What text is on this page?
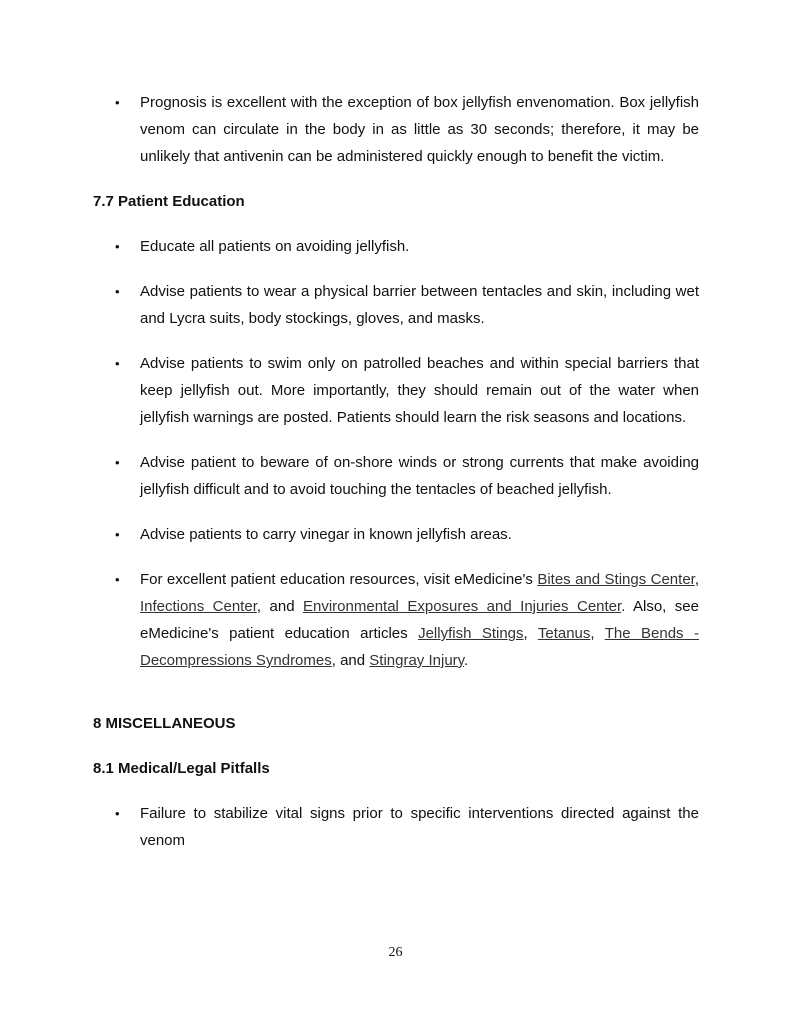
• Prognosis is excellent with the exception of box jellyfish envenomation. Box jellyfish venom can circulate in the body in as little as 30 seconds; therefore, it may be unlikely that antivenin can be administered quickly enough to benefit the victim.
7.7 Patient Education
• Educate all patients on avoiding jellyfish.
• Advise patients to wear a physical barrier between tentacles and skin, including wet and Lycra suits, body stockings, gloves, and masks.
• Advise patients to swim only on patrolled beaches and within special barriers that keep jellyfish out. More importantly, they should remain out of the water when jellyfish warnings are posted. Patients should learn the risk seasons and locations.
• Advise patient to beware of on-shore winds or strong currents that make avoiding jellyfish difficult and to avoid touching the tentacles of beached jellyfish.
• Advise patients to carry vinegar in known jellyfish areas.
• For excellent patient education resources, visit eMedicine's Bites and Stings Center, Infections Center, and Environmental Exposures and Injuries Center. Also, see eMedicine's patient education articles Jellyfish Stings, Tetanus, The Bends - Decompressions Syndromes, and Stingray Injury.
8 MISCELLANEOUS
8.1 Medical/Legal Pitfalls
• Failure to stabilize vital signs prior to specific interventions directed against the venom
26
